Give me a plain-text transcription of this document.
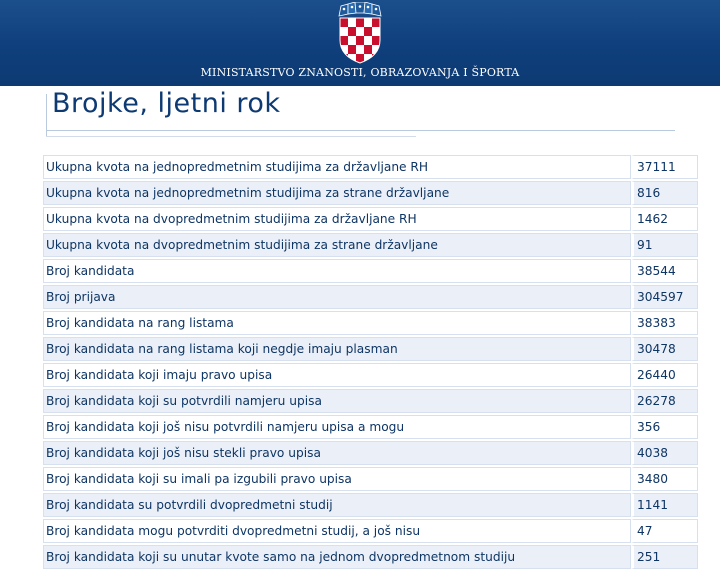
MINISTARSTVO ZNANOSTI, OBRAZOVANJA I ŠPORTA
Brojke, ljetni rok
Ukupna kvota na jednopredmetnim studijima za državljane RH	37111
Ukupna kvota na jednopredmetnim studijima za strane državljane	816
Ukupna kvota na dvopredmetnim studijima za državljane RH	1462
Ukupna kvota na dvopredmetnim studijima za strane državljane	91
Broj kandidata	38544
Broj prijava	304597
Broj kandidata na rang listama	38383
Broj kandidata na rang listama koji negdje imaju plasman	30478
Broj kandidata koji imaju pravo upisa	26440
Broj kandidata koji su potvrdili namjeru upisa	26278
Broj kandidata koji još nisu potvrdili namjeru upisa a mogu	356
Broj kandidata koji još nisu stekli pravo upisa	4038
Broj kandidata koji su imali pa izgubili pravo upisa	3480
Broj kandidata su potvrdili dvopredmetni studij	1141
Broj kandidata mogu potvrditi dvopredmetni studij, a još nisu	47
Broj kandidata koji su unutar kvote samo na jednom dvopredmetnom studiju	251
